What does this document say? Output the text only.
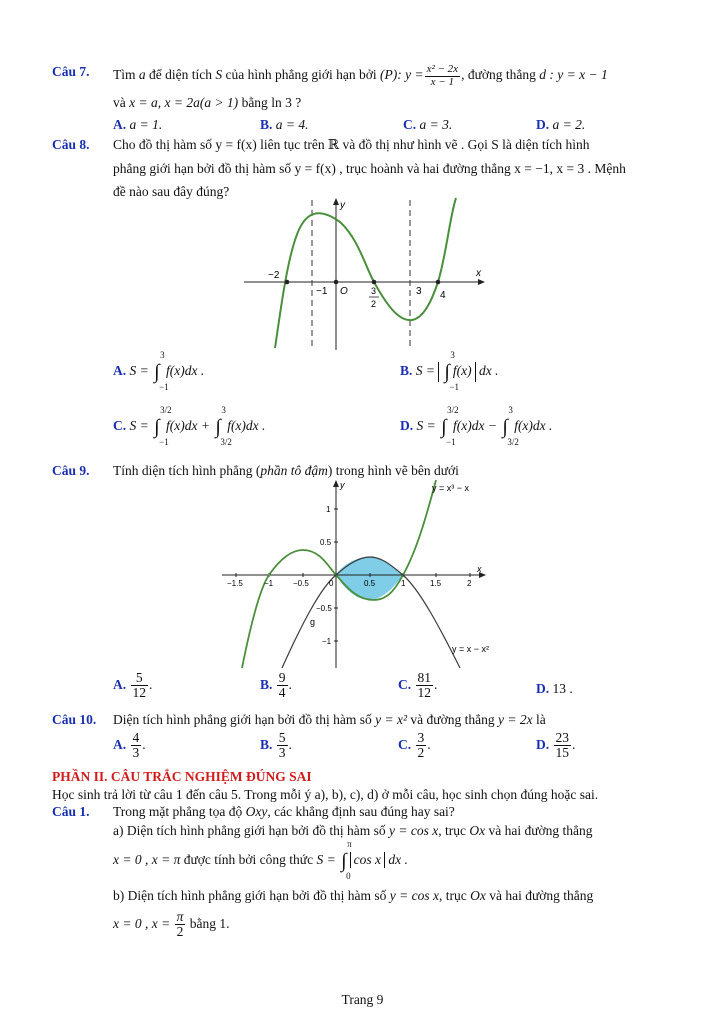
Câu 7. Tìm a để diện tích S của hình phẳng giới hạn bởi (P): $y = \frac{\text{x² − 2x}}{x - 1}$ , đường thẳng d : y = x − 1
và x = a, x = 2a(a > 1) bằng ln 3 ?
A. a = 1.	B. a = 4.	C. a = 3.	D. a = 2.
Câu 8. Cho đồ thị hàm số y = f(x) liên tục trên ℝ và đồ thị như hình vẽ . Gọi S là diện tích hình
phẳng giới hạn bởi đồ thị hàm số y = f(x) , trục hoành và hai đường thẳng x = −1, x = 3 . Mệnh
đề nào sau đây đúng?
x
y
O
−2
−1	3
2
3 4
A. S = ∫
3
−1
f(x)dx .	B. S = ∫
3
−1
f(x) dx .
C. S = ∫
3/2
−1
f(x)dx + ∫
3
3/2
f(x)dx .	D. S = ∫
3/2
−1
f(x)dx − ∫
3
3/2
f(x)dx .
Câu 9. Tính diện tích hình phẳng (phần tô đậm) trong hình vẽ bên dưới
x
y	y = x³ − x
y = x − x²
g
−1.5	−1 −0.5	0	0.5	1	1.5	2
1
0.5
−0.5
−1
A. $\frac{5}{12}$ .	B. $\frac{9}{4}$ .	C. $\frac{81}{12}$ .	D. 13 .
Câu 10. Diện tích hình phẳng giới hạn bởi đồ thị hàm số y = x² và đường thẳng y = 2x là
A. $\frac{4}{3}$ .	B. $\frac{5}{3}$ .	C. $\frac{3}{2}$ .	D. $\frac{23}{15}$ .
PHẦN II. CÂU TRẮC NGHIỆM ĐÚNG SAI
Học sinh trả lời từ câu 1 đến câu 5. Trong mỗi ý a), b), c), d) ở mỗi câu, học sinh chọn đúng hoặc sai.
Câu 1. Trong mặt phẳng tọa độ Oxy, các khẳng định sau đúng hay sai?
a) Diện tích hình phẳng giới hạn bởi đồ thị hàm số y = cos x, trục Ox và hai đường thẳng
x = 0 , x = π được tính bởi công thức S = ∫
π
0
cos x dx .
b) Diện tích hình phẳng giới hạn bởi đồ thị hàm số y = cos x, trục Ox và hai đường thẳng
x = 0 , $x = \frac{\pi}{2}$ bằng 1.
Trang 9
